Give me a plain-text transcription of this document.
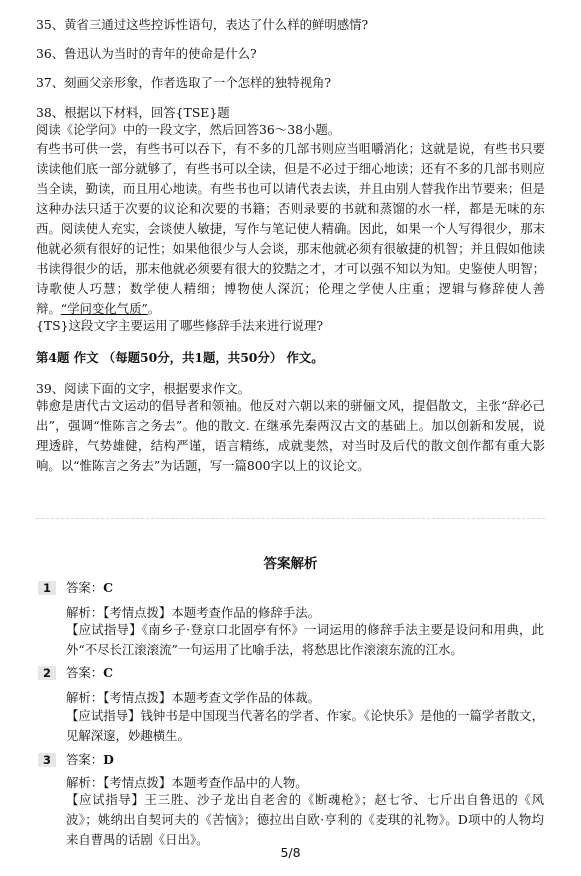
35、黄省三通过这些控诉性语句，表达了什么样的鲜明感情?
36、鲁迅认为当时的青年的使命是什么?
37、刻画父亲形象，作者选取了一个怎样的独特视角?
38、根据以下材料，回答{TSE}题
阅读《论学问》中的一段文字，然后回答36～38小题。
有些书可供一尝，有些书可以吞下，有不多的几部书则应当咀嚼消化；这就是说，有些书只要读读他们底一部分就够了，有些书可以全读，但是不必过于细心地读；还有不多的几部书则应当全读，勤读，而且用心地读。有些书也可以请代表去读，并且由别人替我作出节要来；但是这种办法只适于次要的议论和次要的书籍；否则录要的书就和蒸馏的水一样，都是无味的东西。阅读使人充实，会谈使人敏捷，写作与笔记使人精确。因此，如果一个人写得很少，那末他就必须有很好的记性；如果他很少与人会谈，那末他就必须有很敏捷的机智；并且假如他读书读得很少的话，那末他就必须要有很大的狡黠之才，才可以强不知以为知。史鉴使人明智；诗歌使人巧慧；数学使人精细；博物使人深沉；伦理之学使人庄重；逻辑与修辞使人善辩。“学问变化气质”。
{TS}这段文字主要运用了哪些修辞手法来进行说理?
第4题 作文 （每题50分，共1题，共50分） 作文。
39、阅读下面的文字，根据要求作文。
韩愈是唐代古文运动的倡导者和领袖。他反对六朝以来的骈俪文风，提倡散文，主张“辞必己出”，强调“惟陈言之务去”。他的散文. 在继承先秦两汉古文的基础上。加以创新和发展，说理透辟，气势雄健，结构严谨，语言精练，成就斐然，对当时及后代的散文创作都有重大影响。以“惟陈言之务去”为话题，写一篇800字以上的议论文。
答案解析
1	答案：C
解析：【考情点拨】本题考查作品的修辞手法。
【应试指导】《南乡子·登京口北固亭有怀》一词运用的修辞手法主要是设问和用典，此外“不尽长江滚滚流”一句运用了比喻手法，将愁思比作滚滚东流的江水。
2	答案：C
解析：【考情点拨】本题考查文学作品的体裁。
【应试指导】钱钟书是中国现当代著名的学者、作家。《论快乐》是他的一篇学者散文，见解深邃，妙趣横生。
3	答案：D
解析：【考情点拨】本题考查作品中的人物。
【应试指导】王三胜、沙子龙出自老舍的《断魂枪》；赵七爷、七斤出自鲁迅的《风波》；姚纳出自契诃夫的《苦恼》；德拉出自欧·亨利的《麦琪的礼物》。D项中的人物均来自曹禺的话剧《日出》。
5/8
